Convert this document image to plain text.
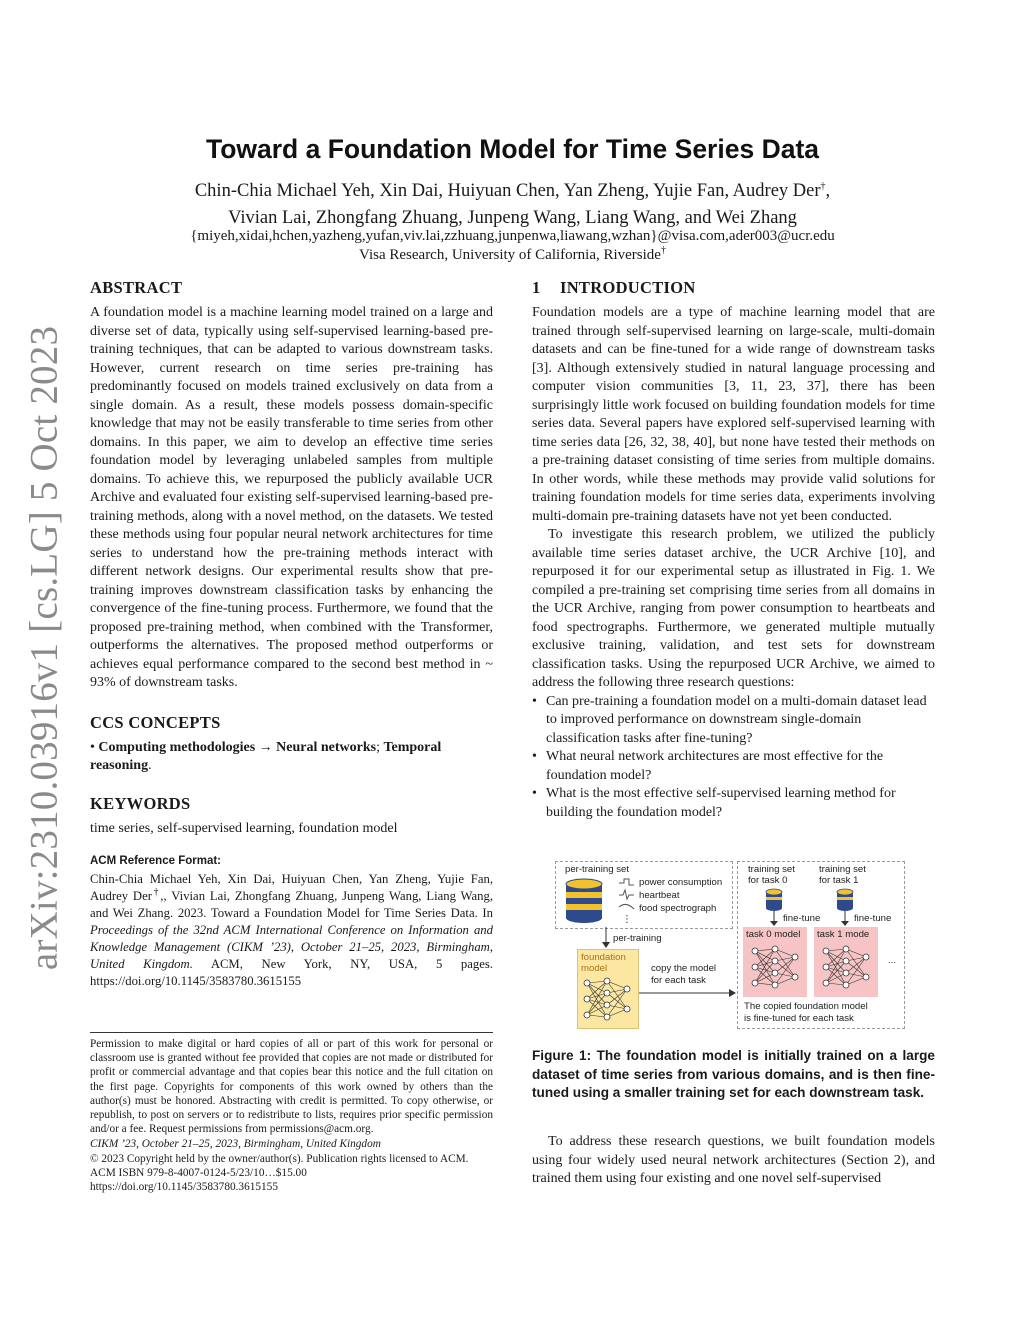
arXiv:2310.03916v1 [cs.LG] 5 Oct 2023
Toward a Foundation Model for Time Series Data
Chin-Chia Michael Yeh, Xin Dai, Huiyuan Chen, Yan Zheng, Yujie Fan, Audrey Der†,
Vivian Lai, Zhongfang Zhuang, Junpeng Wang, Liang Wang, and Wei Zhang
{miyeh,xidai,hchen,yazheng,yufan,viv.lai,zzhuang,junpenwa,liawang,wzhan}@visa.com,ader003@ucr.edu
Visa Research, University of California, Riverside†
ABSTRACT

A foundation model is a machine learning model trained on a large and diverse set of data, typically using self-supervised learning-based pre-training techniques, that can be adapted to various downstream tasks. However, current research on time series pre-training has predominantly focused on models trained exclusively on data from a single domain. As a result, these models possess domain-specific knowledge that may not be easily transferable to time series from other domains. In this paper, we aim to develop an effective time series foundation model by leveraging unlabeled samples from multiple domains. To achieve this, we repurposed the publicly available UCR Archive and evaluated four existing self-supervised learning-based pre-training methods, along with a novel method, on the datasets. We tested these methods using four popular neural network architectures for time series to understand how the pre-training methods interact with different network designs. Our experimental results show that pre-training improves downstream classification tasks by enhancing the convergence of the fine-tuning process. Furthermore, we found that the proposed pre-training method, when combined with the Transformer, outperforms the alternatives. The proposed method outperforms or achieves equal performance compared to the second best method in ~ 93% of downstream tasks.

CCS CONCEPTS

• Computing methodologies → Neural networks; Temporal reasoning.

KEYWORDS

time series, self-supervised learning, foundation model

ACM Reference Format:

Chin-Chia Michael Yeh, Xin Dai, Huiyuan Chen, Yan Zheng, Yujie Fan, Audrey Der†,, Vivian Lai, Zhongfang Zhuang, Junpeng Wang, Liang Wang, and Wei Zhang. 2023. Toward a Foundation Model for Time Series Data. In Proceedings of the 32nd ACM International Conference on Information and Knowledge Management (CIKM ’23), October 21–25, 2023, Birmingham, United Kingdom. ACM, New York, NY, USA, 5 pages. https://doi.org/10.1145/3583780.3615155

Permission to make digital or hard copies of all or part of this work for personal or classroom use is granted without fee provided that copies are not made or distributed for profit or commercial advantage and that copies bear this notice and the full citation on the first page. Copyrights for components of this work owned by others than the author(s) must be honored. Abstracting with credit is permitted. To copy otherwise, or republish, to post on servers or to redistribute to lists, requires prior specific permission and/or a fee. Request permissions from permissions@acm.org.

CIKM ’23, October 21–25, 2023, Birmingham, United Kingdom

© 2023 Copyright held by the owner/author(s). Publication rights licensed to ACM.

ACM ISBN 979-8-4007-0124-5/23/10…$15.00

https://doi.org/10.1145/3583780.3615155

1 INTRODUCTION

Foundation models are a type of machine learning model that are trained through self-supervised learning on large-scale, multi-domain datasets and can be fine-tuned for a wide range of downstream tasks [3]. Although extensively studied in natural language processing and computer vision communities [3, 11, 23, 37], there has been surprisingly little work focused on building foundation models for time series data. Several papers have explored self-supervised learning with time series data [26, 32, 38, 40], but none have tested their methods on a pre-training dataset consisting of time series from multiple domains. In other words, while these methods may provide valid solutions for training foundation models for time series data, experiments involving multi-domain pre-training datasets have not yet been conducted.

To investigate this research problem, we utilized the publicly available time series dataset archive, the UCR Archive [10], and repurposed it for our experimental setup as illustrated in Fig. 1. We compiled a pre-training set comprising time series from all domains in the UCR Archive, ranging from power consumption to heartbeats and food spectrographs. Furthermore, we generated multiple mutually exclusive training, validation, and test sets for downstream classification tasks. Using the repurposed UCR Archive, we aimed to address the following three research questions:

• Can pre-training a foundation model on a multi-domain dataset lead to improved performance on downstream single-domain classification tasks after fine-tuning?
• What neural network architectures are most effective for the foundation model?
• What is the most effective self-supervised learning method for building the foundation model?
per-training set
power consumption
heartbeat
food spectrograph
⋮
per-training
foundation
model	copy the model
for each task
training set
for task 0
training set
for task 1
fine-tune	fine-tune
task 0 model task 1 mode
...
The copied foundation model
is fine-tuned for each task

Figure 1: The foundation model is initially trained on a large dataset of time series from various domains, and is then fine-tuned using a smaller training set for each downstream task.

To address these research questions, we built foundation models using four widely used neural network architectures (Section 2), and trained them using four existing and one novel self-supervised
